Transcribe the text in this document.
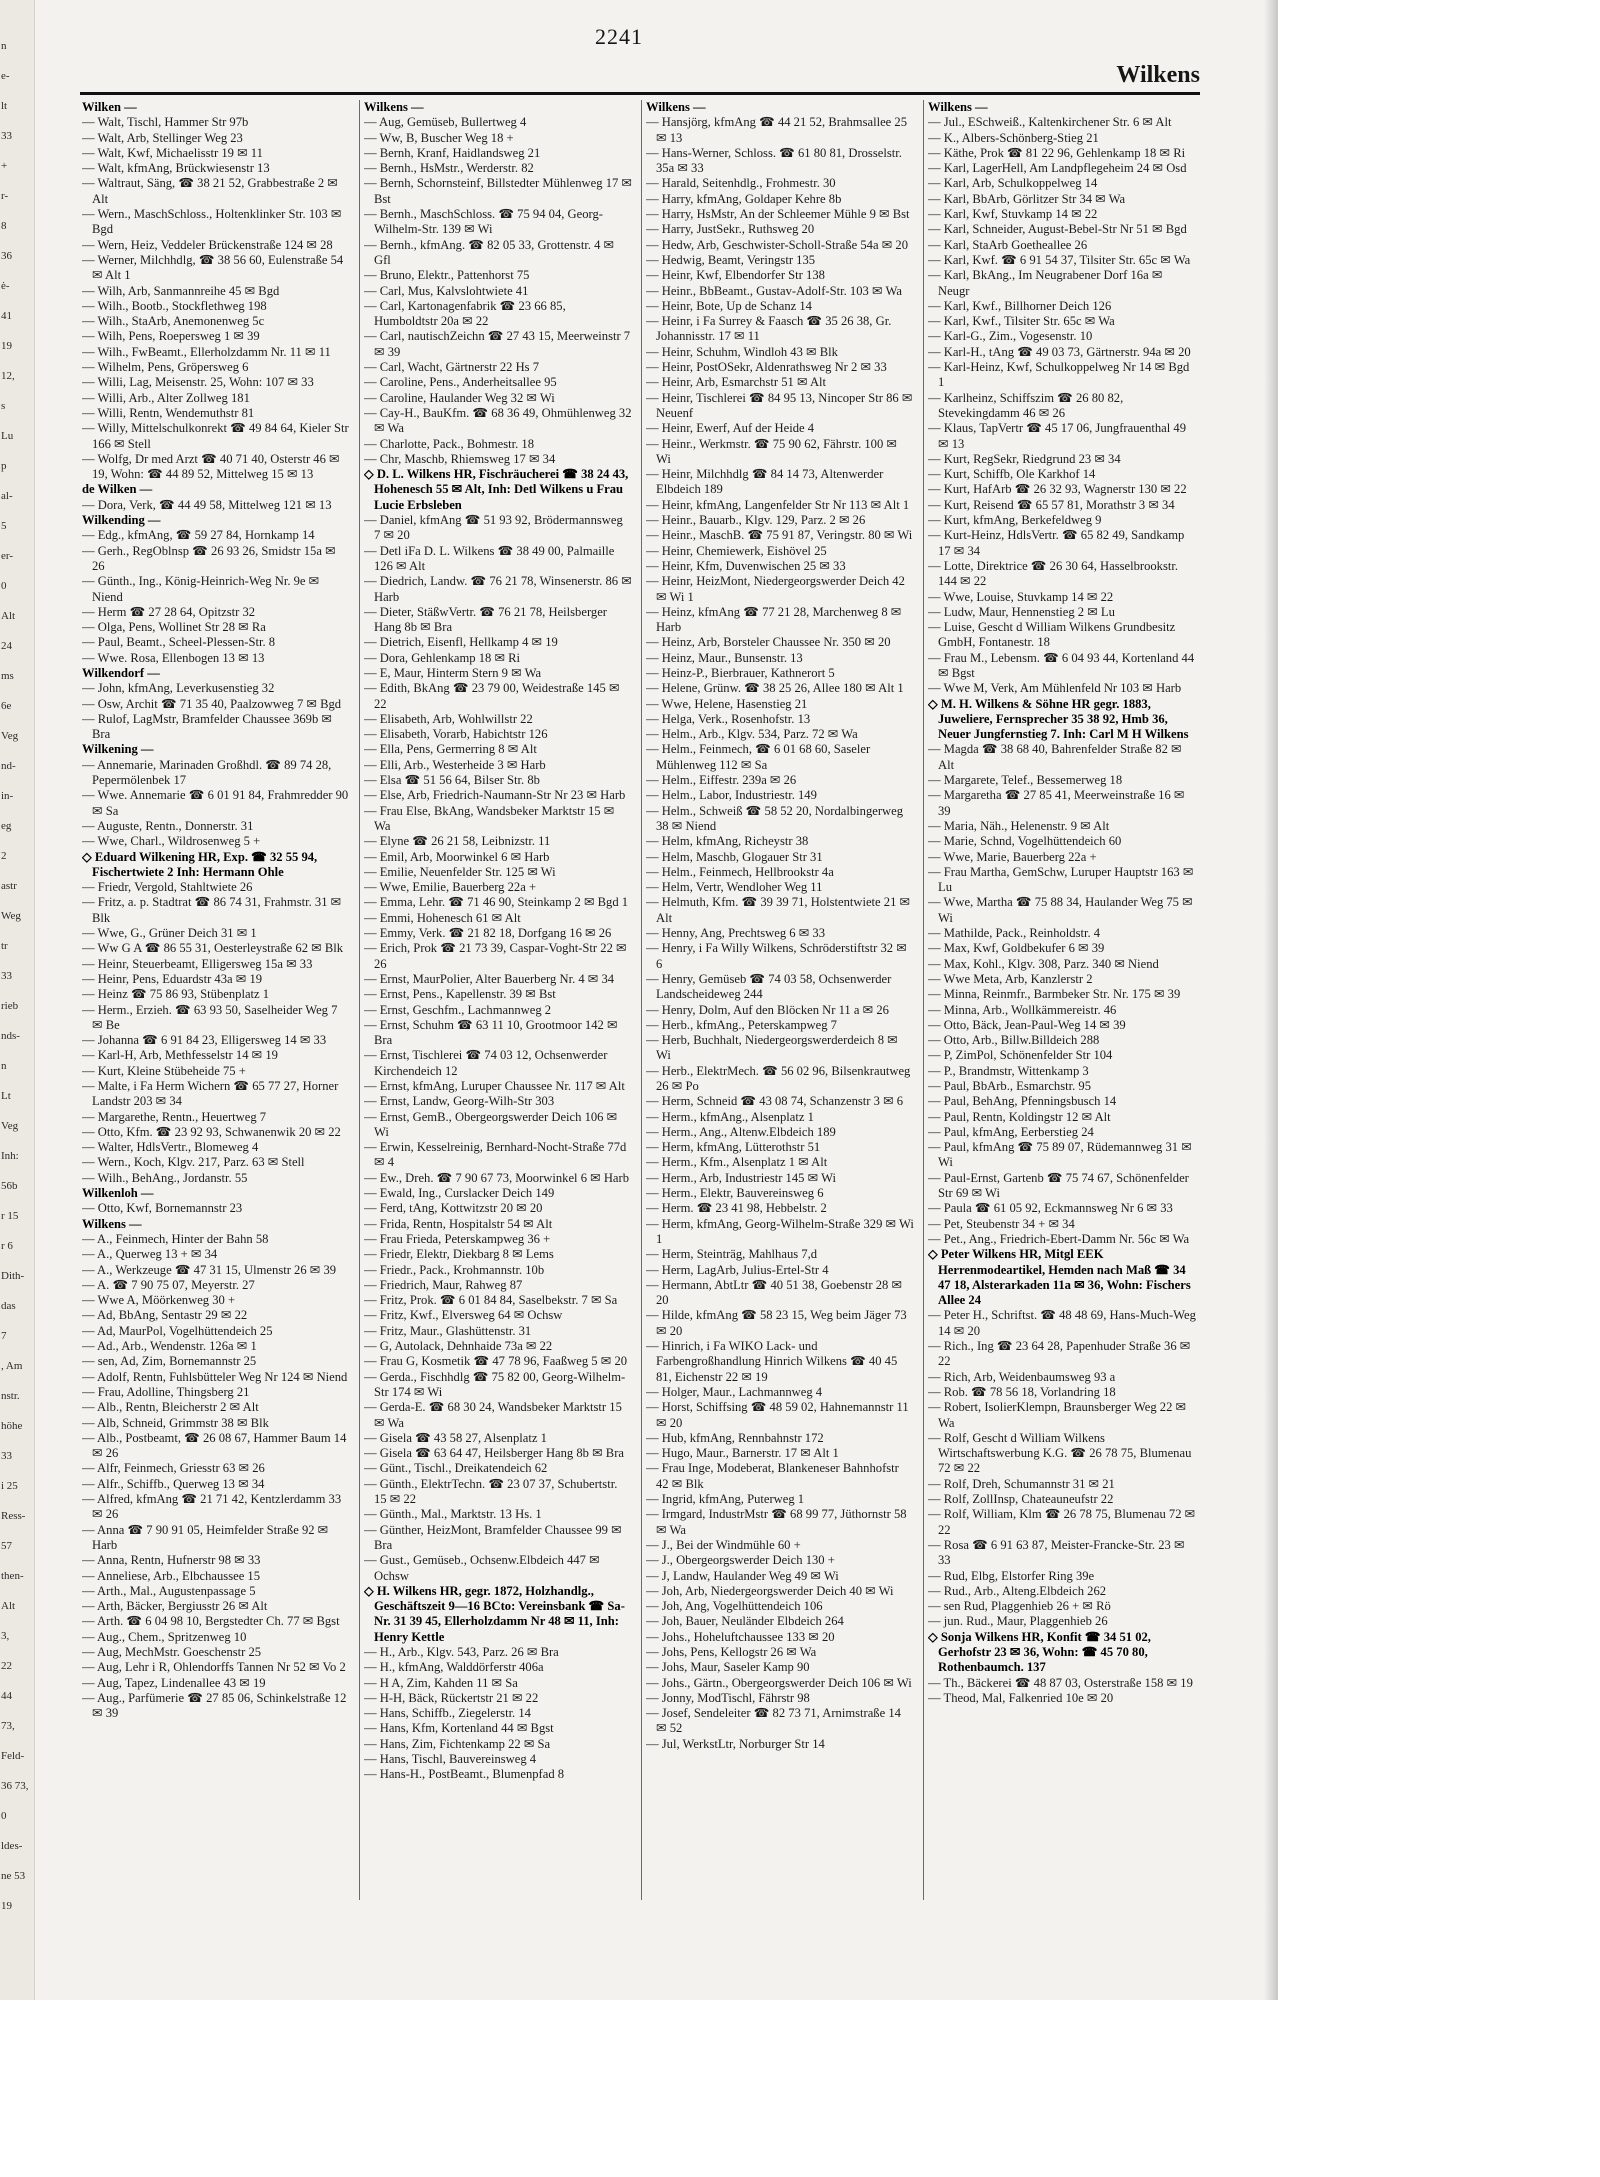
n
e-
lt
33
+
r-
8
36
ė-
41
19
12,
s
Lu
p
al-
5
er-
0
Alt
24
ms
6e
Veg
nd-
in-
eg
2
astr
Weg
tr
33
rieb
nds-
n
Lt
Veg
Inh:
56b
r 15
r 6
Dith-
das
7
, Am
nstr.
höhe
33
i 25
Ress-
57
then-
Alt
3,
22
44
73,
Feld-
36 73,
0
ldes-
ne 53
19
2241
Wilkens

Wilken —

— Walt, Tischl, Hammer Str 97b

— Walt, Arb, Stellinger Weg 23

— Walt, Kwf, Michaelisstr 19 ✉ 11

— Walt, kfmAng, Brückwiesenstr 13

— Waltraut, Säng, ☎ 38 21 52, Grabbestraße 2 ✉ Alt

— Wern., MaschSchloss., Holtenklinker Str. 103 ✉ Bgd

— Wern, Heiz, Veddeler Brückenstraße 124 ✉ 28

— Werner, Milchhdlg, ☎ 38 56 60, Eulenstraße 54 ✉ Alt 1

— Wilh, Arb, Sanmannreihe 45 ✉ Bgd

— Wilh., Bootb., Stockflethweg 198

— Wilh., StaArb, Anemonenweg 5c

— Wilh, Pens, Roepersweg 1 ✉ 39

— Wilh., FwBeamt., Ellerholzdamm Nr. 11 ✉ 11

— Wilhelm, Pens, Gröpersweg 6

— Willi, Lag, Meisenstr. 25, Wohn: 107 ✉ 33

— Willi, Arb., Alter Zollweg 181

— Willi, Rentn, Wendemuthstr 81

— Willy, Mittelschulkonrekt ☎ 49 84 64, Kieler Str 166 ✉ Stell

— Wolfg, Dr med Arzt ☎ 40 71 40, Osterstr 46 ✉ 19, Wohn: ☎ 44 89 52, Mittelweg 15 ✉ 13

de Wilken —

— Dora, Verk, ☎ 44 49 58, Mittelweg 121 ✉ 13

Wilkending —

— Edg., kfmAng, ☎ 59 27 84, Hornkamp 14

— Gerh., RegOblnsp ☎ 26 93 26, Smidstr 15a ✉ 26

— Günth., Ing., König-Heinrich-Weg Nr. 9e ✉ Niend

— Herm ☎ 27 28 64, Opitzstr 32

— Olga, Pens, Wollinet Str 28 ✉ Ra

— Paul, Beamt., Scheel-Plessen-Str. 8

— Wwe. Rosa, Ellenbogen 13 ✉ 13

Wilkendorf —

— John, kfmAng, Leverkusenstieg 32

— Osw, Archit ☎ 71 35 40, Paalzowweg 7 ✉ Bgd

— Rulof, LagMstr, Bramfelder Chaussee 369b ✉ Bra

Wilkening —

— Annemarie, Marinaden Großhdl. ☎ 89 74 28, Pepermölenbek 17

— Wwe. Annemarie ☎ 6 01 91 84, Frahmredder 90 ✉ Sa

— Auguste, Rentn., Donnerstr. 31

— Wwe, Charl., Wildrosenweg 5 +

◇ Eduard Wilkening HR, Exp. ☎ 32 55 94, Fischertwiete 2 Inh: Hermann Ohle

— Friedr, Vergold, Stahltwiete 26

— Fritz, a. p. Stadtrat ☎ 86 74 31, Frahmstr. 31 ✉ Blk

— Wwe, G., Grüner Deich 31 ✉ 1

— Ww G A ☎ 86 55 31, Oesterleystraße 62 ✉ Blk

— Heinr, Steuerbeamt, Elligersweg 15a ✉ 33

— Heinr, Pens, Eduardstr 43a ✉ 19

— Heinz ☎ 75 86 93, Stübenplatz 1

— Herm., Erzieh. ☎ 63 93 50, Saselheider Weg 7 ✉ Be

— Johanna ☎ 6 91 84 23, Elligersweg 14 ✉ 33

— Karl-H, Arb, Methfesselstr 14 ✉ 19

— Kurt, Kleine Stübeheide 75 +

— Malte, i Fa Herm Wichern ☎ 65 77 27, Horner Landstr 203 ✉ 34

— Margarethe, Rentn., Heuertweg 7

— Otto, Kfm. ☎ 23 92 93, Schwanenwik 20 ✉ 22

— Walter, HdlsVertr., Blomeweg 4

— Wern., Koch, Klgv. 217, Parz. 63 ✉ Stell

— Wilh., BehAng., Jordanstr. 55

Wilkenloh —

— Otto, Kwf, Bornemannstr 23

Wilkens —

— A., Feinmech, Hinter der Bahn 58

— A., Querweg 13 + ✉ 34

— A., Werkzeuge ☎ 47 31 15, Ulmenstr 26 ✉ 39

— A. ☎ 7 90 75 07, Meyerstr. 27

— Wwe A, Möörkenweg 30 +

— Ad, BbAng, Sentastr 29 ✉ 22

— Ad, MaurPol, Vogelhüttendeich 25

— Ad., Arb., Wendenstr. 126a ✉ 1

— sen, Ad, Zim, Bornemannstr 25

— Adolf, Rentn, Fuhlsbütteler Weg Nr 124 ✉ Niend

— Frau, Adolline, Thingsberg 21

— Alb., Rentn, Bleicherstr 2 ✉ Alt

— Alb, Schneid, Grimmstr 38 ✉ Blk

— Alb., Postbeamt, ☎ 26 08 67, Hammer Baum 14 ✉ 26

— Alfr, Feinmech, Griesstr 63 ✉ 26

— Alfr., Schiffb., Querweg 13 ✉ 34

— Alfred, kfmAng ☎ 21 71 42, Kentzlerdamm 33 ✉ 26

— Anna ☎ 7 90 91 05, Heimfelder Straße 92 ✉ Harb

— Anna, Rentn, Hufnerstr 98 ✉ 33

— Anneliese, Arb., Elbchaussee 15

— Arth., Mal., Augustenpassage 5

— Arth, Bäcker, Bergiusstr 26 ✉ Alt

— Arth. ☎ 6 04 98 10, Bergstedter Ch. 77 ✉ Bgst

— Aug., Chem., Spritzenweg 10

— Aug, MechMstr. Goeschenstr 25

— Aug, Lehr i R, Ohlendorffs Tannen Nr 52 ✉ Vo 2

— Aug, Tapez, Lindenallee 43 ✉ 19

— Aug., Parfümerie ☎ 27 85 06, Schinkelstraße 12 ✉ 39

Wilkens —

— Aug, Gemüseb, Bullertweg 4

— Ww, B, Buscher Weg 18 +

— Bernh, Kranf, Haidlandsweg 21

— Bernh., HsMstr., Werderstr. 82

— Bernh, Schornsteinf, Billstedter Mühlenweg 17 ✉ Bst

— Bernh., MaschSchloss. ☎ 75 94 04, Georg-Wilhelm-Str. 139 ✉ Wi

— Bernh., kfmAng. ☎ 82 05 33, Grottenstr. 4 ✉ Gfl

— Bruno, Elektr., Pattenhorst 75

— Carl, Mus, Kalvslohtwiete 41

— Carl, Kartonagenfabrik ☎ 23 66 85, Humboldtstr 20a ✉ 22

— Carl, nautischZeichn ☎ 27 43 15, Meerweinstr 7 ✉ 39

— Carl, Wacht, Gärtnerstr 22 Hs 7

— Caroline, Pens., Anderheitsallee 95

— Caroline, Haulander Weg 32 ✉ Wi

— Cay-H., BauKfm. ☎ 68 36 49, Ohmühlenweg 32 ✉ Wa

— Charlotte, Pack., Bohmestr. 18

— Chr, Maschb, Rhiemsweg 17 ✉ 34

◇ D. L. Wilkens HR, Fischräucherei ☎ 38 24 43, Hohenesch 55 ✉ Alt, Inh: Detl Wilkens u Frau Lucie Erbsleben

— Daniel, kfmAng ☎ 51 93 92, Brödermannsweg 7 ✉ 20

— Detl iFa D. L. Wilkens ☎ 38 49 00, Palmaille 126 ✉ Alt

— Diedrich, Landw. ☎ 76 21 78, Winsenerstr. 86 ✉ Harb

— Dieter, StäßwVertr. ☎ 76 21 78, Heilsberger Hang 8b ✉ Bra

— Dietrich, Eisenfl, Hellkamp 4 ✉ 19

— Dora, Gehlenkamp 18 ✉ Ri

— E, Maur, Hinterm Stern 9 ✉ Wa

— Edith, BkAng ☎ 23 79 00, Weidestraße 145 ✉ 22

— Elisabeth, Arb, Wohlwillstr 22

— Elisabeth, Vorarb, Habichtstr 126

— Ella, Pens, Germerring 8 ✉ Alt

— Elli, Arb., Westerheide 3 ✉ Harb

— Elsa ☎ 51 56 64, Bilser Str. 8b

— Else, Arb, Friedrich-Naumann-Str Nr 23 ✉ Harb

— Frau Else, BkAng, Wandsbeker Marktstr 15 ✉ Wa

— Elyne ☎ 26 21 58, Leibnizstr. 11

— Emil, Arb, Moorwinkel 6 ✉ Harb

— Emilie, Neuenfelder Str. 125 ✉ Wi

— Wwe, Emilie, Bauerberg 22a +

— Emma, Lehr. ☎ 71 46 90, Steinkamp 2 ✉ Bgd 1

— Emmi, Hohenesch 61 ✉ Alt

— Emmy, Verk. ☎ 21 82 18, Dorfgang 16 ✉ 26

— Erich, Prok ☎ 21 73 39, Caspar-Voght-Str 22 ✉ 26

— Ernst, MaurPolier, Alter Bauerberg Nr. 4 ✉ 34

— Ernst, Pens., Kapellenstr. 39 ✉ Bst

— Ernst, Geschfm., Lachmannweg 2

— Ernst, Schuhm ☎ 63 11 10, Grootmoor 142 ✉ Bra

— Ernst, Tischlerei ☎ 74 03 12, Ochsenwerder Kirchendeich 12

— Ernst, kfmAng, Luruper Chaussee Nr. 117 ✉ Alt

— Ernst, Landw, Georg-Wilh-Str 303

— Ernst, GemB., Obergeorgswerder Deich 106 ✉ Wi

— Erwin, Kesselreinig, Bernhard-Nocht-Straße 77d ✉ 4

— Ew., Dreh. ☎ 7 90 67 73, Moorwinkel 6 ✉ Harb

— Ewald, Ing., Curslacker Deich 149

— Ferd, tAng, Kottwitzstr 20 ✉ 20

— Frida, Rentn, Hospitalstr 54 ✉ Alt

— Frau Frieda, Peterskampweg 36 +

— Friedr, Elektr, Diekbarg 8 ✉ Lems

— Friedr., Pack., Krohmannstr. 10b

— Friedrich, Maur, Rahweg 87

— Fritz, Prok. ☎ 6 01 84 84, Saselbekstr. 7 ✉ Sa

— Fritz, Kwf., Elversweg 64 ✉ Ochsw

— Fritz, Maur., Glashüttenstr. 31

— G, Autolack, Dehnhaide 73a ✉ 22

— Frau G, Kosmetik ☎ 47 78 96, Faaßweg 5 ✉ 20

— Gerda., Fischhdlg ☎ 75 82 00, Georg-Wilhelm-Str 174 ✉ Wi

— Gerda-E. ☎ 68 30 24, Wandsbeker Marktstr 15 ✉ Wa

— Gisela ☎ 43 58 27, Alsenplatz 1

— Gisela ☎ 63 64 47, Heilsberger Hang 8b ✉ Bra

— Günt., Tischl., Dreikatendeich 62

— Günth., ElektrTechn. ☎ 23 07 37, Schubertstr. 15 ✉ 22

— Günth., Mal., Marktstr. 13 Hs. 1

— Günther, HeizMont, Bramfelder Chaussee 99 ✉ Bra

— Gust., Gemüseb., Ochsenw.Elbdeich 447 ✉ Ochsw

◇ H. Wilkens HR, gegr. 1872, Holzhandlg., Geschäftszeit 9—16 BCto: Vereinsbank ☎ Sa-Nr. 31 39 45, Ellerholzdamm Nr 48 ✉ 11, Inh: Henry Kettle

— H., Arb., Klgv. 543, Parz. 26 ✉ Bra

— H., kfmAng, Walddörferstr 406a

— H A, Zim, Kahden 11 ✉ Sa

— H-H, Bäck, Rückertstr 21 ✉ 22

— Hans, Schiffb., Ziegelerstr. 14

— Hans, Kfm, Kortenland 44 ✉ Bgst

— Hans, Zim, Fichtenkamp 22 ✉ Sa

— Hans, Tischl, Bauvereinsweg 4

— Hans-H., PostBeamt., Blumenpfad 8

Wilkens —

— Hansjörg, kfmAng ☎ 44 21 52, Brahmsallee 25 ✉ 13

— Hans-Werner, Schloss. ☎ 61 80 81, Drosselstr. 35a ✉ 33

— Harald, Seitenhdlg., Frohmestr. 30

— Harry, kfmAng, Goldaper Kehre 8b

— Harry, HsMstr, An der Schleemer Mühle 9 ✉ Bst

— Harry, JustSekr., Ruthsweg 20

— Hedw, Arb, Geschwister-Scholl-Straße 54a ✉ 20

— Hedwig, Beamt, Veringstr 135

— Heinr, Kwf, Elbendorfer Str 138

— Heinr., BbBeamt., Gustav-Adolf-Str. 103 ✉ Wa

— Heinr, Bote, Up de Schanz 14

— Heinr, i Fa Surrey & Faasch ☎ 35 26 38, Gr. Johannisstr. 17 ✉ 11

— Heinr, Schuhm, Windloh 43 ✉ Blk

— Heinr, PostOSekr, Aldenrathsweg Nr 2 ✉ 33

— Heinr, Arb, Esmarchstr 51 ✉ Alt

— Heinr, Tischlerei ☎ 84 95 13, Nincoper Str 86 ✉ Neuenf

— Heinr, Ewerf, Auf der Heide 4

— Heinr., Werkmstr. ☎ 75 90 62, Fährstr. 100 ✉ Wi

— Heinr, Milchhdlg ☎ 84 14 73, Altenwerder Elbdeich 189

— Heinr, kfmAng, Langenfelder Str Nr 113 ✉ Alt 1

— Heinr., Bauarb., Klgv. 129, Parz. 2 ✉ 26

— Heinr., MaschB. ☎ 75 91 87, Veringstr. 80 ✉ Wi

— Heinr, Chemiewerk, Eishövel 25

— Heinr, Kfm, Duvenwischen 25 ✉ 33

— Heinr, HeizMont, Niedergeorgswerder Deich 42 ✉ Wi 1

— Heinz, kfmAng ☎ 77 21 28, Marchenweg 8 ✉ Harb

— Heinz, Arb, Borsteler Chaussee Nr. 350 ✉ 20

— Heinz, Maur., Bunsenstr. 13

— Heinz-P., Bierbrauer, Kathnerort 5

— Helene, Grünw. ☎ 38 25 26, Allee 180 ✉ Alt 1

— Wwe, Helene, Hasenstieg 21

— Helga, Verk., Rosenhofstr. 13

— Helm., Arb., Klgv. 534, Parz. 72 ✉ Wa

— Helm., Feinmech, ☎ 6 01 68 60, Saseler Mühlenweg 112 ✉ Sa

— Helm., Eiffestr. 239a ✉ 26

— Helm., Labor, Industriestr. 149

— Helm., Schweiß ☎ 58 52 20, Nordalbingerweg 38 ✉ Niend

— Helm, kfmAng, Richeystr 38

— Helm, Maschb, Glogauer Str 31

— Helm., Feinmech, Hellbrookstr 4a

— Helm, Vertr, Wendloher Weg 11

— Helmuth, Kfm. ☎ 39 39 71, Holstentwiete 21 ✉ Alt

— Henny, Ang, Prechtsweg 6 ✉ 33

— Henry, i Fa Willy Wilkens, Schröderstiftstr 32 ✉ 6

— Henry, Gemüseb ☎ 74 03 58, Ochsenwerder Landscheideweg 244

— Henry, Dolm, Auf den Blöcken Nr 11 a ✉ 26

— Herb., kfmAng., Peterskampweg 7

— Herb, Buchhalt, Niedergeorgswerderdeich 8 ✉ Wi

— Herb., ElektrMech. ☎ 56 02 96, Bilsenkrautweg 26 ✉ Po

— Herm, Schneid ☎ 43 08 74, Schanzenstr 3 ✉ 6

— Herm., kfmAng., Alsenplatz 1

— Herm., Ang., Altenw.Elbdeich 189

— Herm, kfmAng, Lütterothstr 51

— Herm., Kfm., Alsenplatz 1 ✉ Alt

— Herm., Arb, Industriestr 145 ✉ Wi

— Herm., Elektr, Bauvereinsweg 6

— Herm. ☎ 23 41 98, Hebbelstr. 2

— Herm, kfmAng, Georg-Wilhelm-Straße 329 ✉ Wi 1

— Herm, Steinträg, Mahlhaus 7,d

— Herm, LagArb, Julius-Ertel-Str 4

— Hermann, AbtLtr ☎ 40 51 38, Goebenstr 28 ✉ 20

— Hilde, kfmAng ☎ 58 23 15, Weg beim Jäger 73 ✉ 20

— Hinrich, i Fa WIKO Lack- und Farbengroßhandlung Hinrich Wilkens ☎ 40 45 81, Eichenstr 22 ✉ 19

— Holger, Maur., Lachmannweg 4

— Horst, Schiffsing ☎ 48 59 02, Hahnemannstr 11 ✉ 20

— Hub, kfmAng, Rennbahnstr 172

— Hugo, Maur., Barnerstr. 17 ✉ Alt 1

— Frau Inge, Modeberat, Blankeneser Bahnhofstr 42 ✉ Blk

— Ingrid, kfmAng, Puterweg 1

— Irmgard, IndustrMstr ☎ 68 99 77, Jüthornstr 58 ✉ Wa

— J., Bei der Windmühle 60 +

— J., Obergeorgswerder Deich 130 +

— J, Landw, Haulander Weg 49 ✉ Wi

— Joh, Arb, Niedergeorgswerder Deich 40 ✉ Wi

— Joh, Ang, Vogelhüttendeich 106

— Joh, Bauer, Neuländer Elbdeich 264

— Johs., Hoheluftchaussee 133 ✉ 20

— Johs, Pens, Kellogstr 26 ✉ Wa

— Johs, Maur, Saseler Kamp 90

— Johs., Gärtn., Obergeorgswerder Deich 106 ✉ Wi

— Jonny, ModTischl, Fährstr 98

— Josef, Sendeleiter ☎ 82 73 71, Arnimstraße 14 ✉ 52

— Jul, WerkstLtr, Norburger Str 14

Wilkens —

— Jul., ESchweiß., Kaltenkirchener Str. 6 ✉ Alt

— K., Albers-Schönberg-Stieg 21

— Käthe, Prok ☎ 81 22 96, Gehlenkamp 18 ✉ Ri

— Karl, LagerHell, Am Landpflegeheim 24 ✉ Osd

— Karl, Arb, Schulkoppelweg 14

— Karl, BbArb, Görlitzer Str 34 ✉ Wa

— Karl, Kwf, Stuvkamp 14 ✉ 22

— Karl, Schneider, August-Bebel-Str Nr 51 ✉ Bgd

— Karl, StaArb Goetheallee 26

— Karl, Kwf. ☎ 6 91 54 37, Tilsiter Str. 65c ✉ Wa

— Karl, BkAng., Im Neugrabener Dorf 16a ✉ Neugr

— Karl, Kwf., Billhorner Deich 126

— Karl, Kwf., Tilsiter Str. 65c ✉ Wa

— Karl-G., Zim., Vogesenstr. 10

— Karl-H., tAng ☎ 49 03 73, Gärtnerstr. 94a ✉ 20

— Karl-Heinz, Kwf, Schulkoppelweg Nr 14 ✉ Bgd 1

— Karlheinz, Schiffszim ☎ 26 80 82, Stevekingdamm 46 ✉ 26

— Klaus, TapVertr ☎ 45 17 06, Jungfrauenthal 49 ✉ 13

— Kurt, RegSekr, Riedgrund 23 ✉ 34

— Kurt, Schiffb, Ole Karkhof 14

— Kurt, HafArb ☎ 26 32 93, Wagnerstr 130 ✉ 22

— Kurt, Reisend ☎ 65 57 81, Morathstr 3 ✉ 34

— Kurt, kfmAng, Berkefeldweg 9

— Kurt-Heinz, HdlsVertr. ☎ 65 82 49, Sandkamp 17 ✉ 34

— Lotte, Direktrice ☎ 26 30 64, Hasselbrookstr. 144 ✉ 22

— Wwe, Louise, Stuvkamp 14 ✉ 22

— Ludw, Maur, Hennenstieg 2 ✉ Lu

— Luise, Gescht d William Wilkens Grundbesitz GmbH, Fontanestr. 18

— Frau M., Lebensm. ☎ 6 04 93 44, Kortenland 44 ✉ Bgst

— Wwe M, Verk, Am Mühlenfeld Nr 103 ✉ Harb

◇ M. H. Wilkens & Söhne HR gegr. 1883, Juweliere, Fernsprecher 35 38 92, Hmb 36, Neuer Jungfernstieg 7. Inh: Carl M H Wilkens

— Magda ☎ 38 68 40, Bahrenfelder Straße 82 ✉ Alt

— Margarete, Telef., Bessemerweg 18

— Margaretha ☎ 27 85 41, Meerweinstraße 16 ✉ 39

— Maria, Näh., Helenenstr. 9 ✉ Alt

— Marie, Schnd, Vogelhüttendeich 60

— Wwe, Marie, Bauerberg 22a +

— Frau Martha, GemSchw, Luruper Hauptstr 163 ✉ Lu

— Wwe, Martha ☎ 75 88 34, Haulander Weg 75 ✉ Wi

— Mathilde, Pack., Reinholdstr. 4

— Max, Kwf, Goldbekufer 6 ✉ 39

— Max, Kohl., Klgv. 308, Parz. 340 ✉ Niend

— Wwe Meta, Arb, Kanzlerstr 2

— Minna, Reinmfr., Barmbeker Str. Nr. 175 ✉ 39

— Minna, Arb., Wollkämmereistr. 46

— Otto, Bäck, Jean-Paul-Weg 14 ✉ 39

— Otto, Arb., Billw.Billdeich 288

— P, ZimPol, Schönenfelder Str 104

— P., Brandmstr, Wittenkamp 3

— Paul, BbArb., Esmarchstr. 95

— Paul, BehAng, Pfenningsbusch 14

— Paul, Rentn, Koldingstr 12 ✉ Alt

— Paul, kfmAng, Eerberstieg 24

— Paul, kfmAng ☎ 75 89 07, Rüdemannweg 31 ✉ Wi

— Paul-Ernst, Gartenb ☎ 75 74 67, Schönenfelder Str 69 ✉ Wi

— Paula ☎ 61 05 92, Eckmannsweg Nr 6 ✉ 33

— Pet, Steubenstr 34 + ✉ 34

— Pet., Ang., Friedrich-Ebert-Damm Nr. 56c ✉ Wa

◇ Peter Wilkens HR, Mitgl EEK Herrenmodeartikel, Hemden nach Maß ☎ 34 47 18, Alsterarkaden 11a ✉ 36, Wohn: Fischers Allee 24

— Peter H., Schriftst. ☎ 48 48 69, Hans-Much-Weg 14 ✉ 20

— Rich., Ing ☎ 23 64 28, Papenhuder Straße 36 ✉ 22

— Rich, Arb, Weidenbaumsweg 93 a

— Rob. ☎ 78 56 18, Vorlandring 18

— Robert, IsolierKlempn, Braunsberger Weg 22 ✉ Wa

— Rolf, Gescht d William Wilkens Wirtschaftswerbung K.G. ☎ 26 78 75, Blumenau 72 ✉ 22

— Rolf, Dreh, Schumannstr 31 ✉ 21

— Rolf, ZollInsp, Chateauneufstr 22

— Rolf, William, Klm ☎ 26 78 75, Blumenau 72 ✉ 22

— Rosa ☎ 6 91 63 87, Meister-Francke-Str. 23 ✉ 33

— Rud, Elbg, Elstorfer Ring 39e

— Rud., Arb., Alteng.Elbdeich 262

— sen Rud, Plaggenhieb 26 + ✉ Rö

— jun. Rud., Maur, Plaggenhieb 26

◇ Sonja Wilkens HR, Konfit ☎ 34 51 02, Gerhofstr 23 ✉ 36, Wohn: ☎ 45 70 80, Rothenbaumch. 137

— Th., Bäckerei ☎ 48 87 03, Osterstraße 158 ✉ 19

— Theod, Mal, Falkenried 10e ✉ 20
